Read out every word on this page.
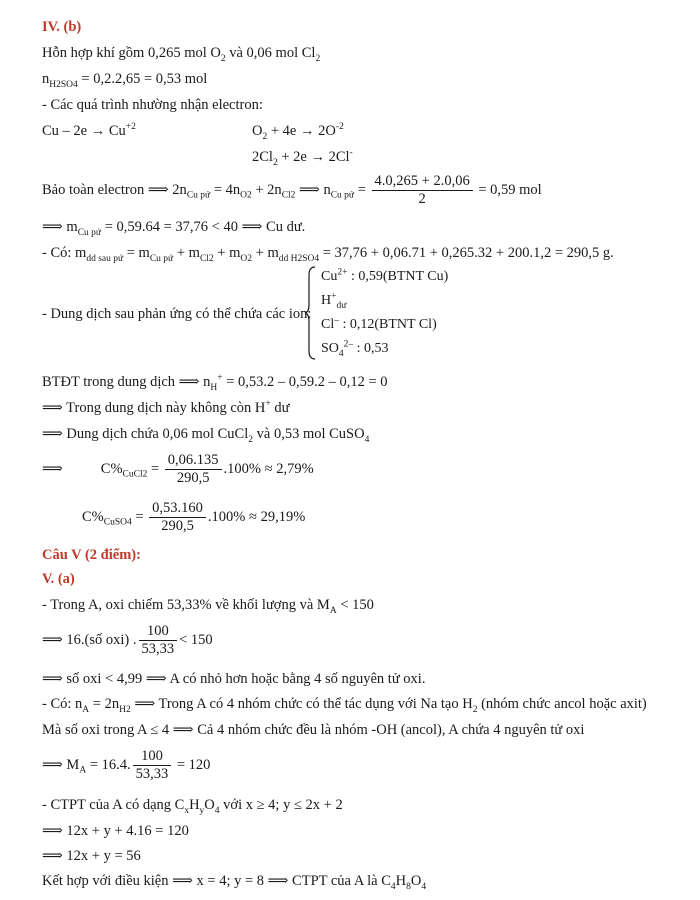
IV. (b)
Hỗn hợp khí gồm 0,265 mol $O_2$ và 0,06 mol $Cl_2$
$n_{H2SO4} = 0,2.2,65 = 0,53$ mol
- Các quá trình nhường nhận electron:
$Cu - 2e \to Cu^{+2}$	$O_2 + 4e \to 2O^{-2}$
$2Cl_2 + 2e \to 2Cl^-$
Bảo toàn electron ⟹ $2n_{Cu pứ} = 4n_{O2} + 2n_{Cl2}$ ⟹ $n_{Cu pứ} = \frac{4.0,265 + 2.0,06}{2} = 0,59$ mol
⟹ $m_{Cu pứ} = 0,59.64 = 37,76 < 40$ ⟹ Cu dư.
- Có: $m_{dd sau pứ} = m_{Cu pứ} + m_{Cl2} + m_{O2} + m_{dd H2SO4} = 37,76 + 0,06.71 + 0,265.32 + 200.1,2 = 290,5$ g.
- Dung dịch sau phản ứng có thể chứa các ion:
$Cu^{2+}$ : 0,59(BTNT Cu)
$H^+_{dư}$
Cl– : 0,12(BTNT Cl)
$SO_4^{2-}$ : 0,53
BTĐT trong dung dịch ⟹ $n_H^+ = 0,53.2 - 0,59.2 - 0,12 = 0$
⟹ Trong dung dịch này không còn H+ dư
⟹ Dung dịch chứa 0,06 mol CuCl$_2$ và 0,53 mol CuSO$_4$
⟹	$C\%_{CuCl2} = \frac{0,06.135}{290,5} .100\% \approx 2,79\%$
$C\%_{CuSO4} = \frac{0,53.160}{290,5} .100\% \approx 29,19\%$
Câu V (2 điểm):
V. (a)
- Trong A, oxi chiếm 53,33% về khối lượng và $M_A < 150$
⟹ 16.(số oxi) . $\frac{100}{53,33} < 150$
⟹ số oxi < 4,99 ⟹ A có nhỏ hơn hoặc bằng 4 số nguyên tử oxi.
- Có: $n_A = 2n_{H2}$ ⟹ Trong A có 4 nhóm chức có thể tác dụng với Na tạo $H_2$ (nhóm chức ancol hoặc axit)
Mà số oxi trong A ≤ 4 ⟹ Cả 4 nhóm chức đều là nhóm -OH (ancol), A chứa 4 nguyên tử oxi
⟹ $M_A = 16.4$. $\frac{100}{53,33} = 120$
- CTPT của A có dạng $C_xH_yO_4$ với x ≥ 4; y ≤ 2x + 2
⟹ 12x + y + 4.16 = 120
⟹ 12x + y = 56
Kết hợp với điều kiện ⟹ x = 4; y = 8 ⟹ CTPT của A là $C_4H_8O_4$
